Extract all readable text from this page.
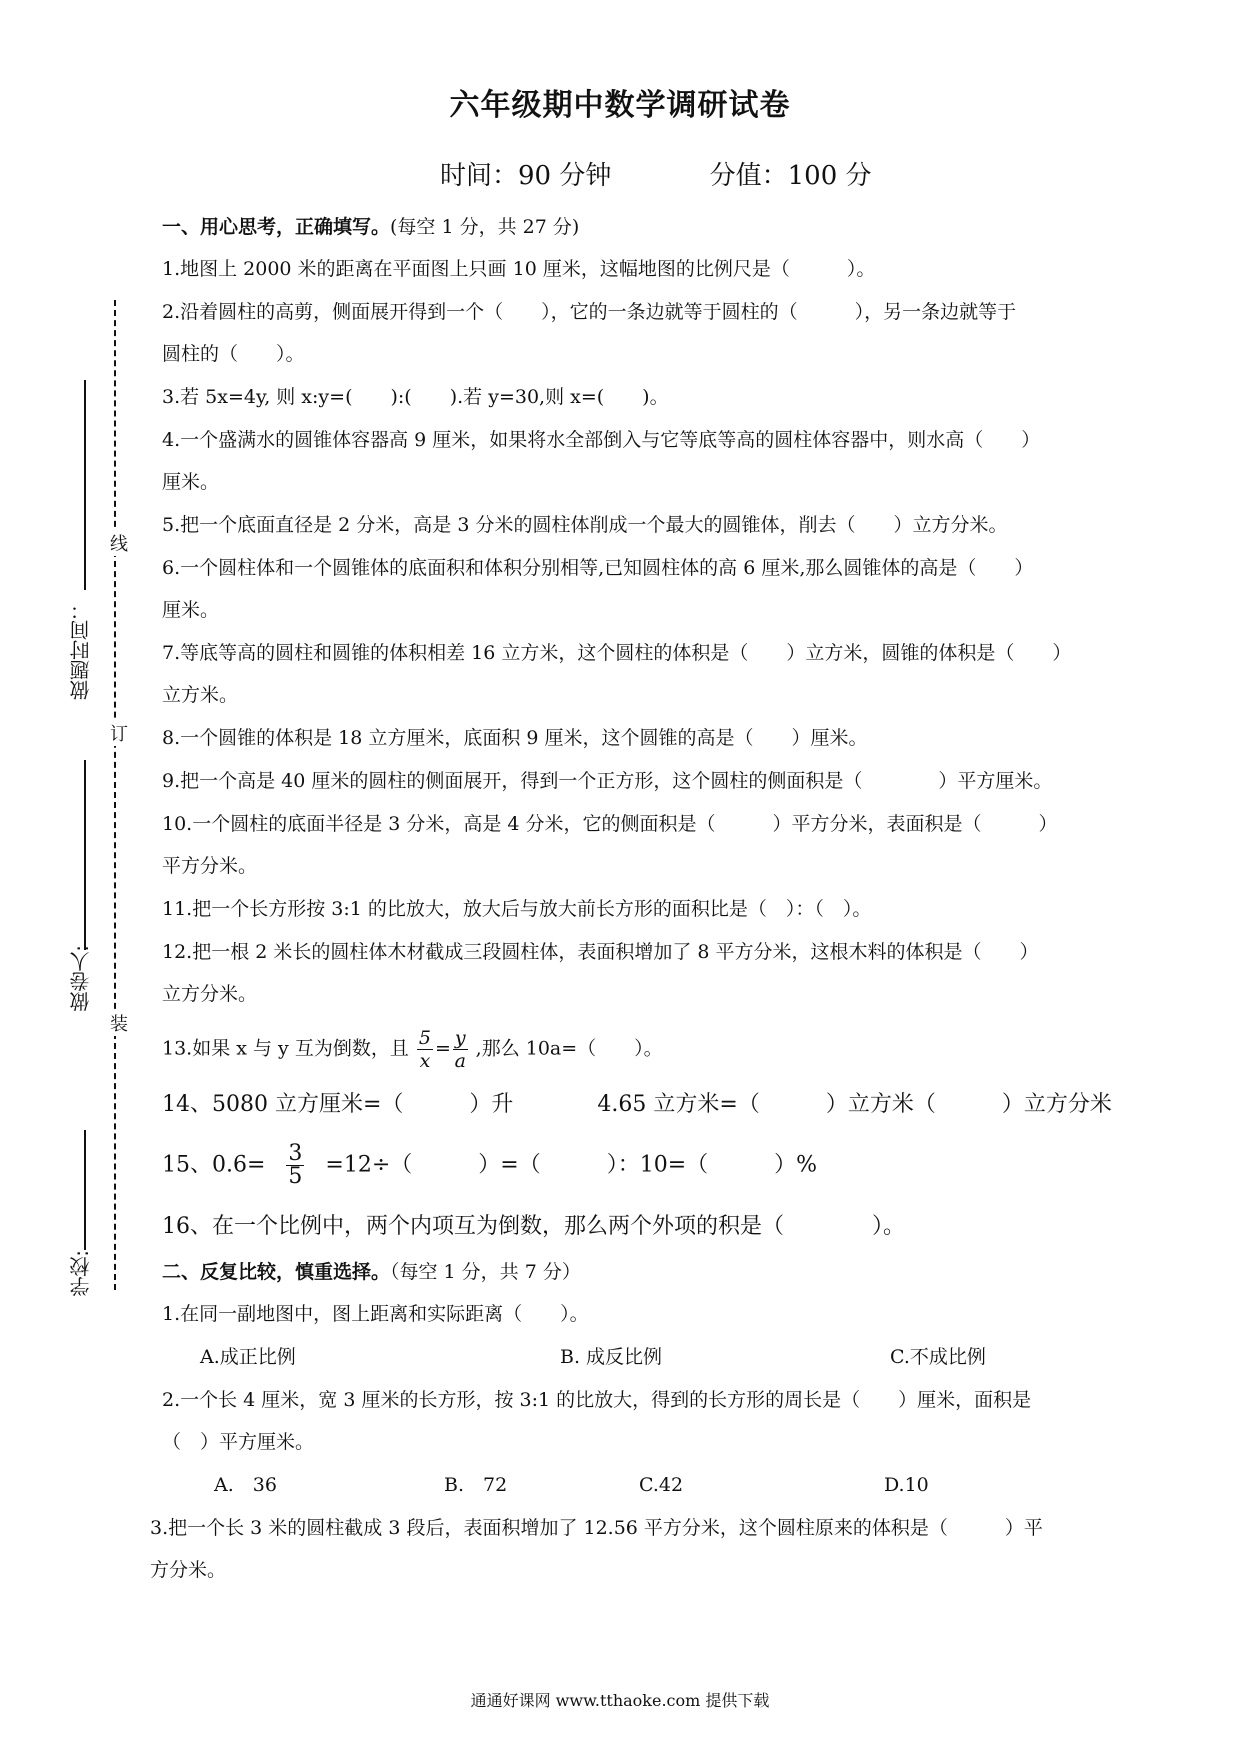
六年级期中数学调研试卷
时间：90 分钟	分值：100 分
线
订
装
做题时间：
做卷人:
学校:
一、用心思考，正确填写。(每空 1 分，共 27 分)

1.地图上 2000 米的距离在平面图上只画 10 厘米，这幅地图的比例尺是（　　　）。

2.沿着圆柱的高剪，侧面展开得到一个（　　），它的一条边就等于圆柱的（　　　），另一条边就等于

圆柱的（　　）。

3.若 5x=4y, 则 x:y=(　　):(　　).若 y=30,则 x=(　　)。

4.一个盛满水的圆锥体容器高 9 厘米，如果将水全部倒入与它等底等高的圆柱体容器中，则水高（　　）

厘米。

5.把一个底面直径是 2 分米，高是 3 分米的圆柱体削成一个最大的圆锥体，削去（　　）立方分米。

6.一个圆柱体和一个圆锥体的底面积和体积分别相等,已知圆柱体的高 6 厘米,那么圆锥体的高是（　　）

厘米。

7.等底等高的圆柱和圆锥的体积相差 16 立方米，这个圆柱的体积是（　　）立方米，圆锥的体积是（　　）

立方米。

8.一个圆锥的体积是 18 立方厘米，底面积 9 厘米，这个圆锥的高是（　　）厘米。

9.把一个高是 40 厘米的圆柱的侧面展开，得到一个正方形，这个圆柱的侧面积是（　　　　）平方厘米。

10.一个圆柱的底面半径是 3 分米，高是 4 分米，它的侧面积是（　　　）平方分米，表面积是（　　　）

平方分米。

11.把一个长方形按 3:1 的比放大，放大后与放大前长方形的面积比是（　）：（　）。

12.把一根 2 米长的圆柱体木材截成三段圆柱体，表面积增加了 8 平方分米，这根木料的体积是（　　）

立方分米。

13.如果 x 与 y 互为倒数，且 $\frac{5}{x} = \frac{y}{a}$ ,那么 10a=（　　）。

14、5080 立方厘米=（　　　）升	4.65 立方米=（　　　）立方米（　　　）立方分米

15、$0.6= \frac{3}{5} =12\div$（　　　）=（　　　）：10=（　　　）%

16、在一个比例中，两个内项互为倒数，那么两个外项的积是（　　　　）。

二、反复比较，慎重选择。（每空 1 分，共 7 分）

1.在同一副地图中，图上距离和实际距离（　　）。

A.成正比例	B. 成反比例	C.不成比例

2.一个长 4 厘米，宽 3 厘米的长方形，按 3:1 的比放大，得到的长方形的周长是（　　）厘米，面积是

（　）平方厘米。

A.　36	B.　72	C.42	D.10

3.把一个长 3 米的圆柱截成 3 段后，表面积增加了 12.56 平方分米，这个圆柱原来的体积是（　　　）平

方分米。

通通好课网 www.tthaoke.com 提供下载
